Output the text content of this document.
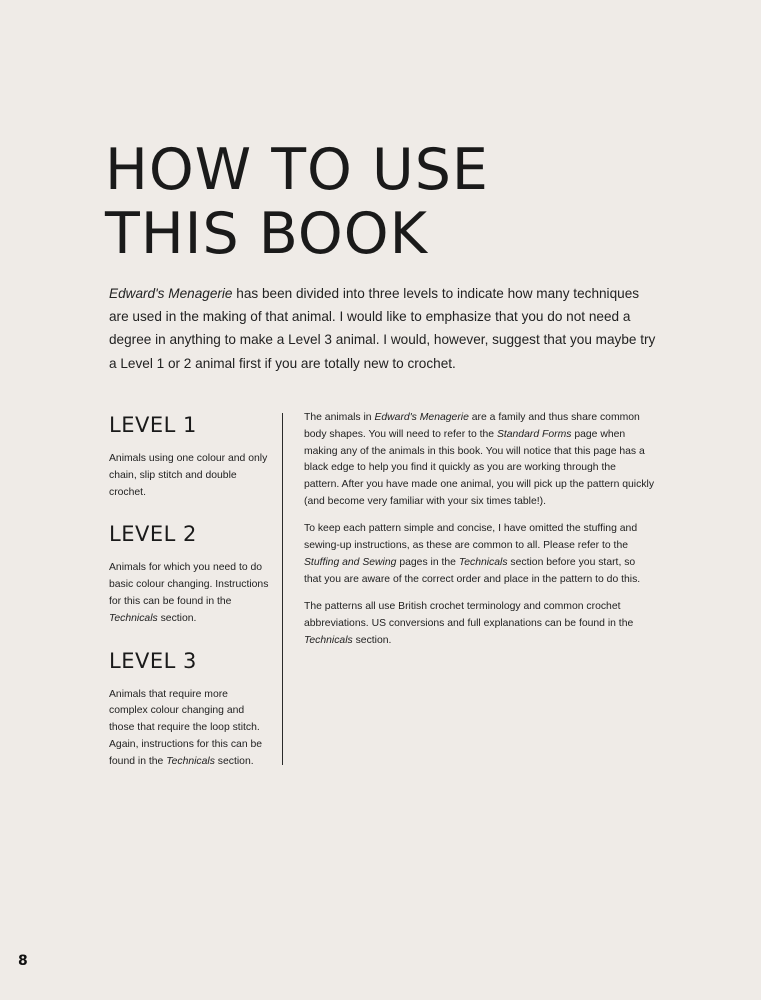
HOW TO USE
THIS BOOK

Edward's Menagerie has been divided into three levels to indicate how many techniques are used in the making of that animal. I would like to emphasize that you do not need a degree in anything to make a Level 3 animal. I would, however, suggest that you maybe try a Level 1 or 2 animal first if you are totally new to crochet.

LEVEL 1

Animals using one colour and only chain, slip stitch and double crochet.

LEVEL 2

Animals for which you need to do basic colour changing. Instructions for this can be found in the Technicals section.

LEVEL 3

Animals that require more complex colour changing and those that require the loop stitch. Again, instructions for this can be found in the Technicals section.

The animals in Edward's Menagerie are a family and thus share common body shapes. You will need to refer to the Standard Forms page when making any of the animals in this book. You will notice that this page has a black edge to help you find it quickly as you are working through the pattern. After you have made one animal, you will pick up the pattern quickly (and become very familiar with your six times table!).

To keep each pattern simple and concise, I have omitted the stuffing and sewing-up instructions, as these are common to all. Please refer to the Stuffing and Sewing pages in the Technicals section before you start, so that you are aware of the correct order and place in the pattern to do this.

The patterns all use British crochet terminology and common crochet abbreviations. US conversions and full explanations can be found in the Technicals section.

8
